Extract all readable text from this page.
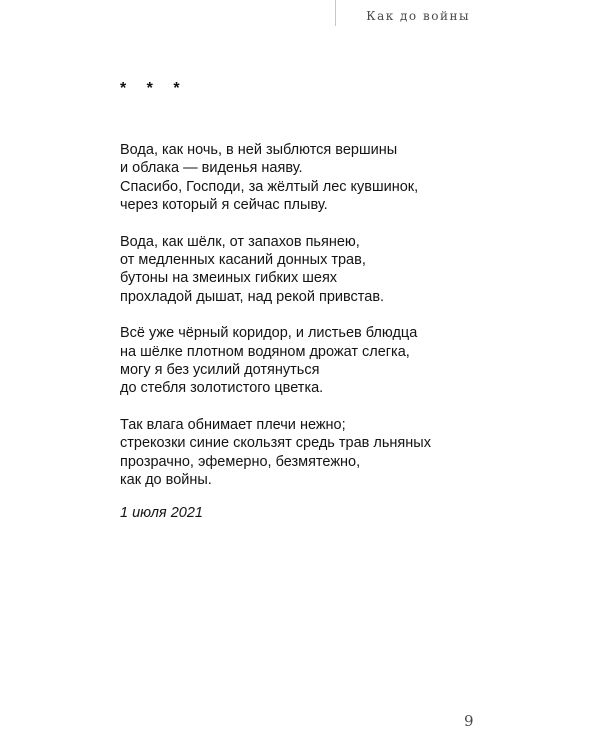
Как до войны
* * *
Вода, как ночь, в ней зыблются вершины
и облака — виденья наяву.
Спасибо, Господи, за жёлтый лес кувшинок,
через который я сейчас плыву.
Вода, как шёлк, от запахов пьянею,
от медленных касаний донных трав,
бутоны на змеиных гибких шеях
прохладой дышат, над рекой привстав.
Всё уже чёрный коридор, и листьев блюдца
на шёлке плотном водяном дрожат слегка,
могу я без усилий дотянуться
до стебля золотистого цветка.
Так влага обнимает плечи нежно;
стрекозки синие скользят средь трав льняных
прозрачно, эфемерно, безмятежно,
как до войны.
1 июля 2021
9
